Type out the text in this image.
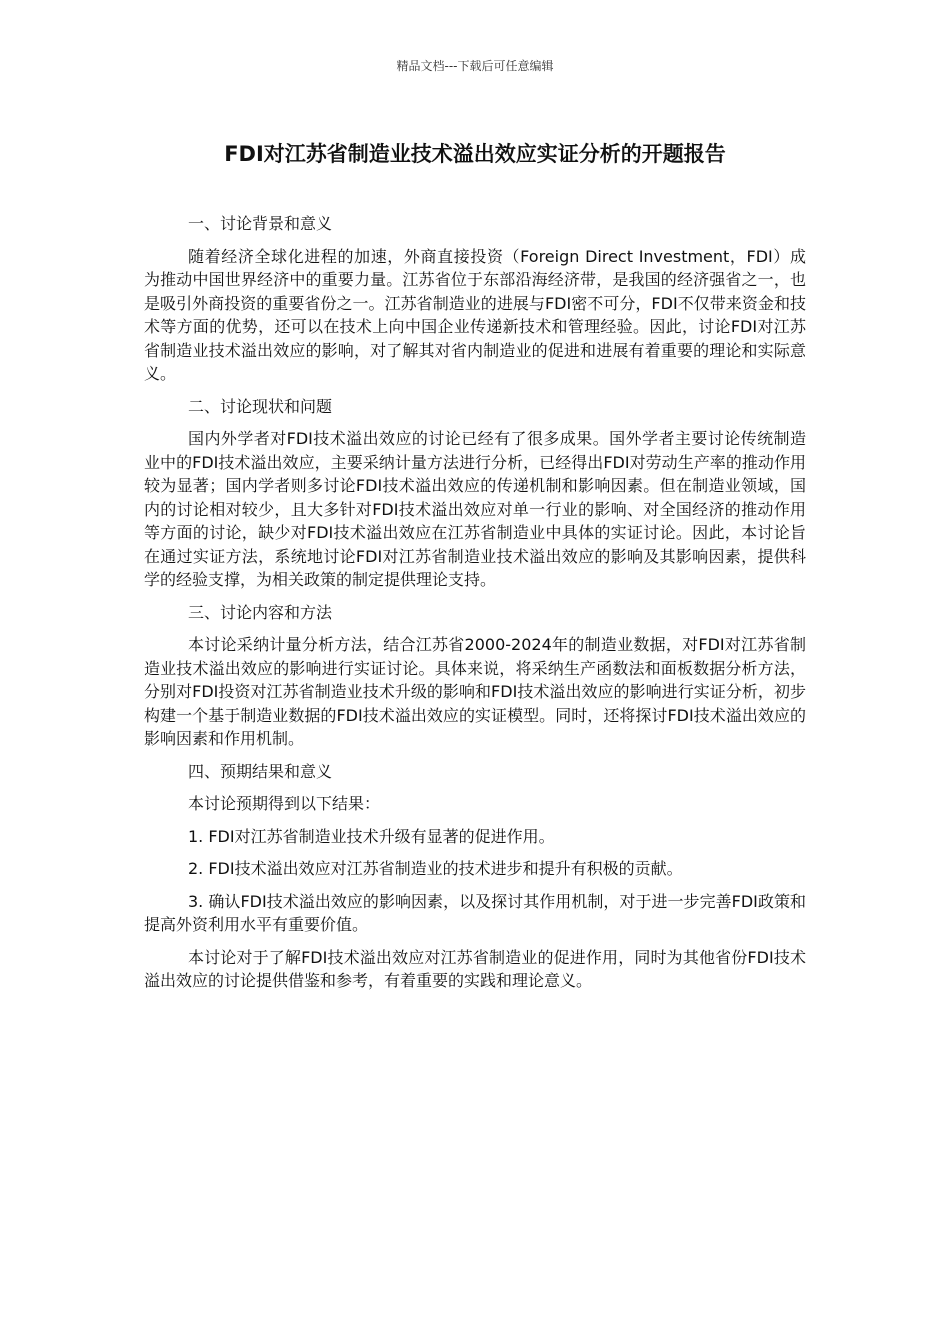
精品文档---下载后可任意编辑
FDI对江苏省制造业技术溢出效应实证分析的开题报告

一、讨论背景和意义

随着经济全球化进程的加速，外商直接投资（Foreign Direct Investment，FDI）成为推动中国世界经济中的重要力量。江苏省位于东部沿海经济带，是我国的经济强省之一，也是吸引外商投资的重要省份之一。江苏省制造业的进展与FDI密不可分，FDI不仅带来资金和技术等方面的优势，还可以在技术上向中国企业传递新技术和管理经验。因此，讨论FDI对江苏省制造业技术溢出效应的影响，对了解其对省内制造业的促进和进展有着重要的理论和实际意义。

二、讨论现状和问题

国内外学者对FDI技术溢出效应的讨论已经有了很多成果。国外学者主要讨论传统制造业中的FDI技术溢出效应，主要采纳计量方法进行分析，已经得出FDI对劳动生产率的推动作用较为显著；国内学者则多讨论FDI技术溢出效应的传递机制和影响因素。但在制造业领域，国内的讨论相对较少，且大多针对FDI技术溢出效应对单一行业的影响、对全国经济的推动作用等方面的讨论，缺少对FDI技术溢出效应在江苏省制造业中具体的实证讨论。因此，本讨论旨在通过实证方法，系统地讨论FDI对江苏省制造业技术溢出效应的影响及其影响因素，提供科学的经验支撑，为相关政策的制定提供理论支持。

三、讨论内容和方法

本讨论采纳计量分析方法，结合江苏省2000-2024年的制造业数据，对FDI对江苏省制造业技术溢出效应的影响进行实证讨论。具体来说，将采纳生产函数法和面板数据分析方法，分别对FDI投资对江苏省制造业技术升级的影响和FDI技术溢出效应的影响进行实证分析，初步构建一个基于制造业数据的FDI技术溢出效应的实证模型。同时，还将探讨FDI技术溢出效应的影响因素和作用机制。

四、预期结果和意义

本讨论预期得到以下结果：

1. FDI对江苏省制造业技术升级有显著的促进作用。

2. FDI技术溢出效应对江苏省制造业的技术进步和提升有积极的贡献。

3. 确认FDI技术溢出效应的影响因素，以及探讨其作用机制，对于进一步完善FDI政策和提高外资利用水平有重要价值。

本讨论对于了解FDI技术溢出效应对江苏省制造业的促进作用，同时为其他省份FDI技术溢出效应的讨论提供借鉴和参考，有着重要的实践和理论意义。
